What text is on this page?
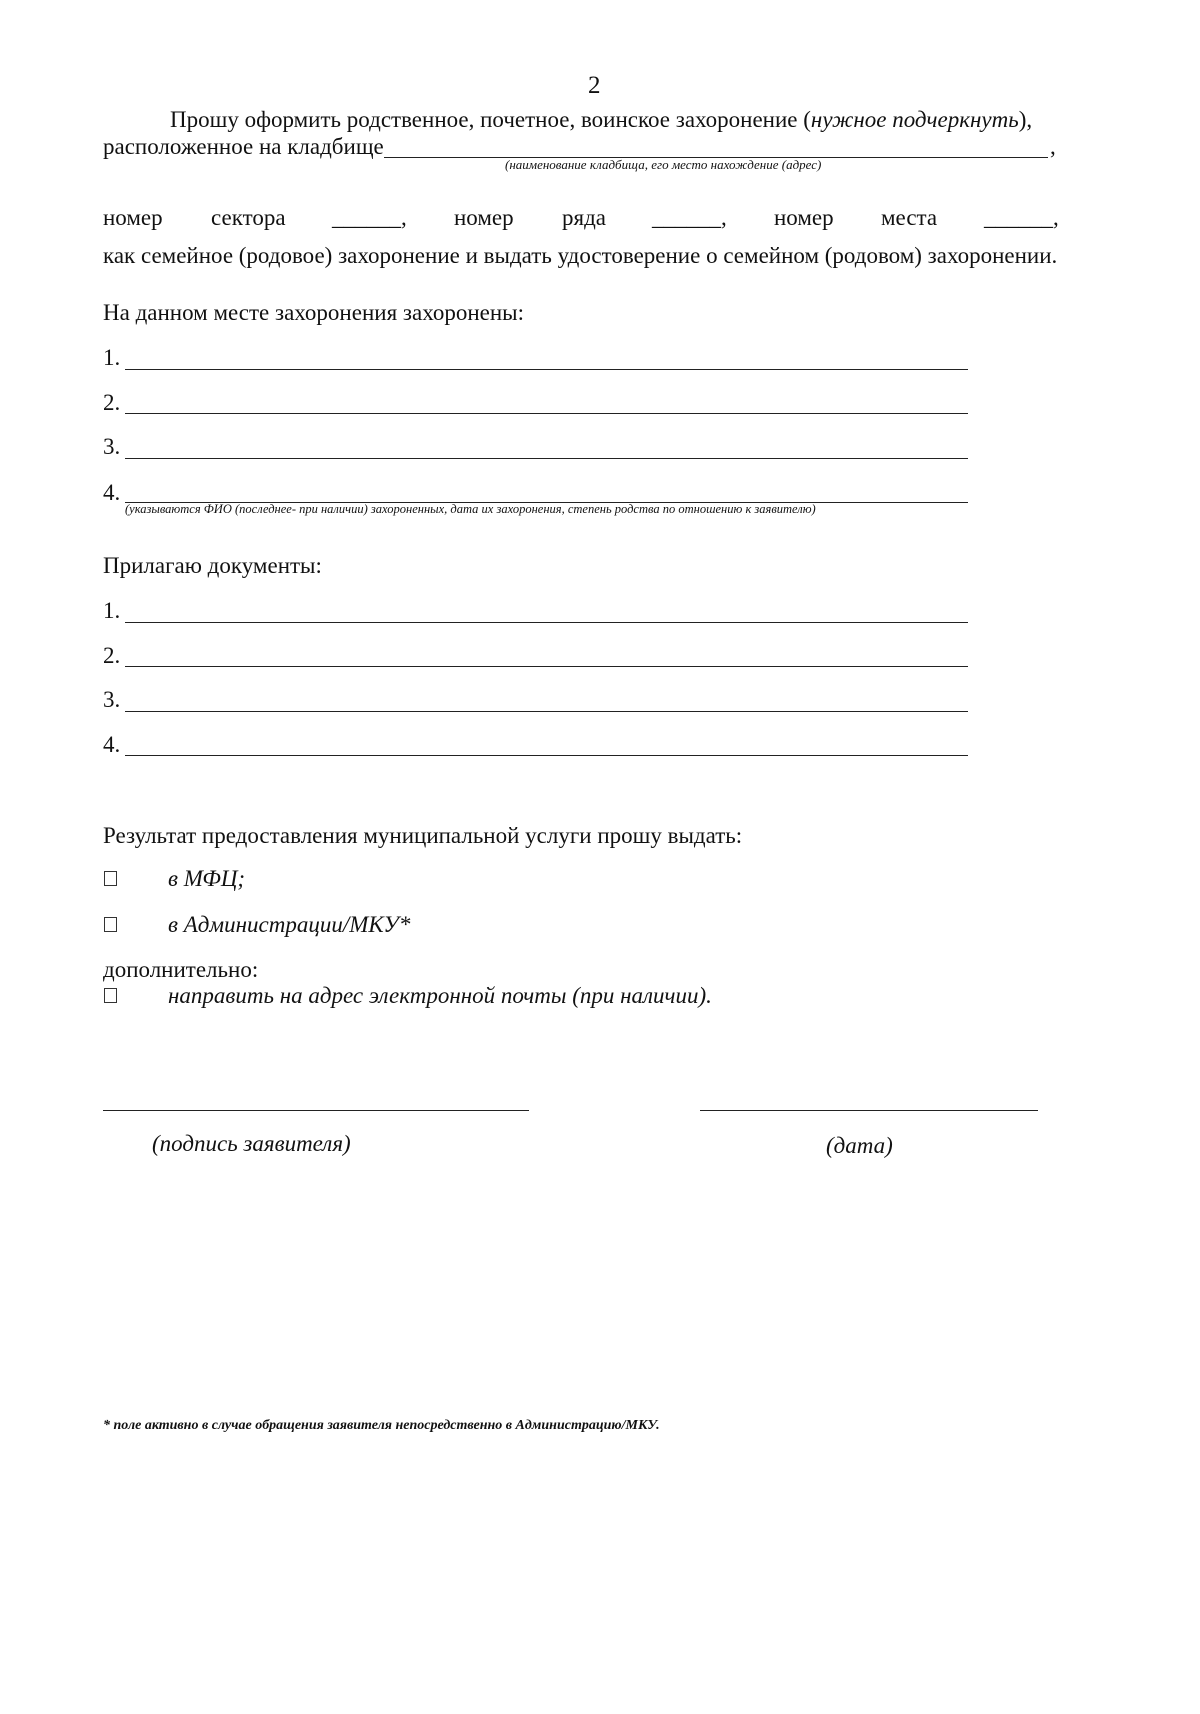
2
Прошу оформить родственное, почетное, воинское захоронение (нужное подчеркнуть),
расположенное на кладбище	,
(наименование кладбища, его место нахождение (адрес)
номер сектора ______, номер ряда ______, номер места ______,
как семейное (родовое) захоронение и выдать удостоверение о семейном (родовом) захоронении.
На данном месте захоронения захоронены:
1.
2.
3.
4.
(указываются ФИО (последнее- при наличии) захороненных, дата их захоронения, степень родства по отношению к заявителю)
Прилагаю документы:
1.
2.
3.
4.
Результат предоставления муниципальной услуги прошу выдать:
в МФЦ;
в Администрации/МКУ*
дополнительно:
направить на адрес электронной почты (при наличии).
(подпись заявителя)	(дата)
* поле активно в случае обращения заявителя непосредственно в Администрацию/МКУ.
